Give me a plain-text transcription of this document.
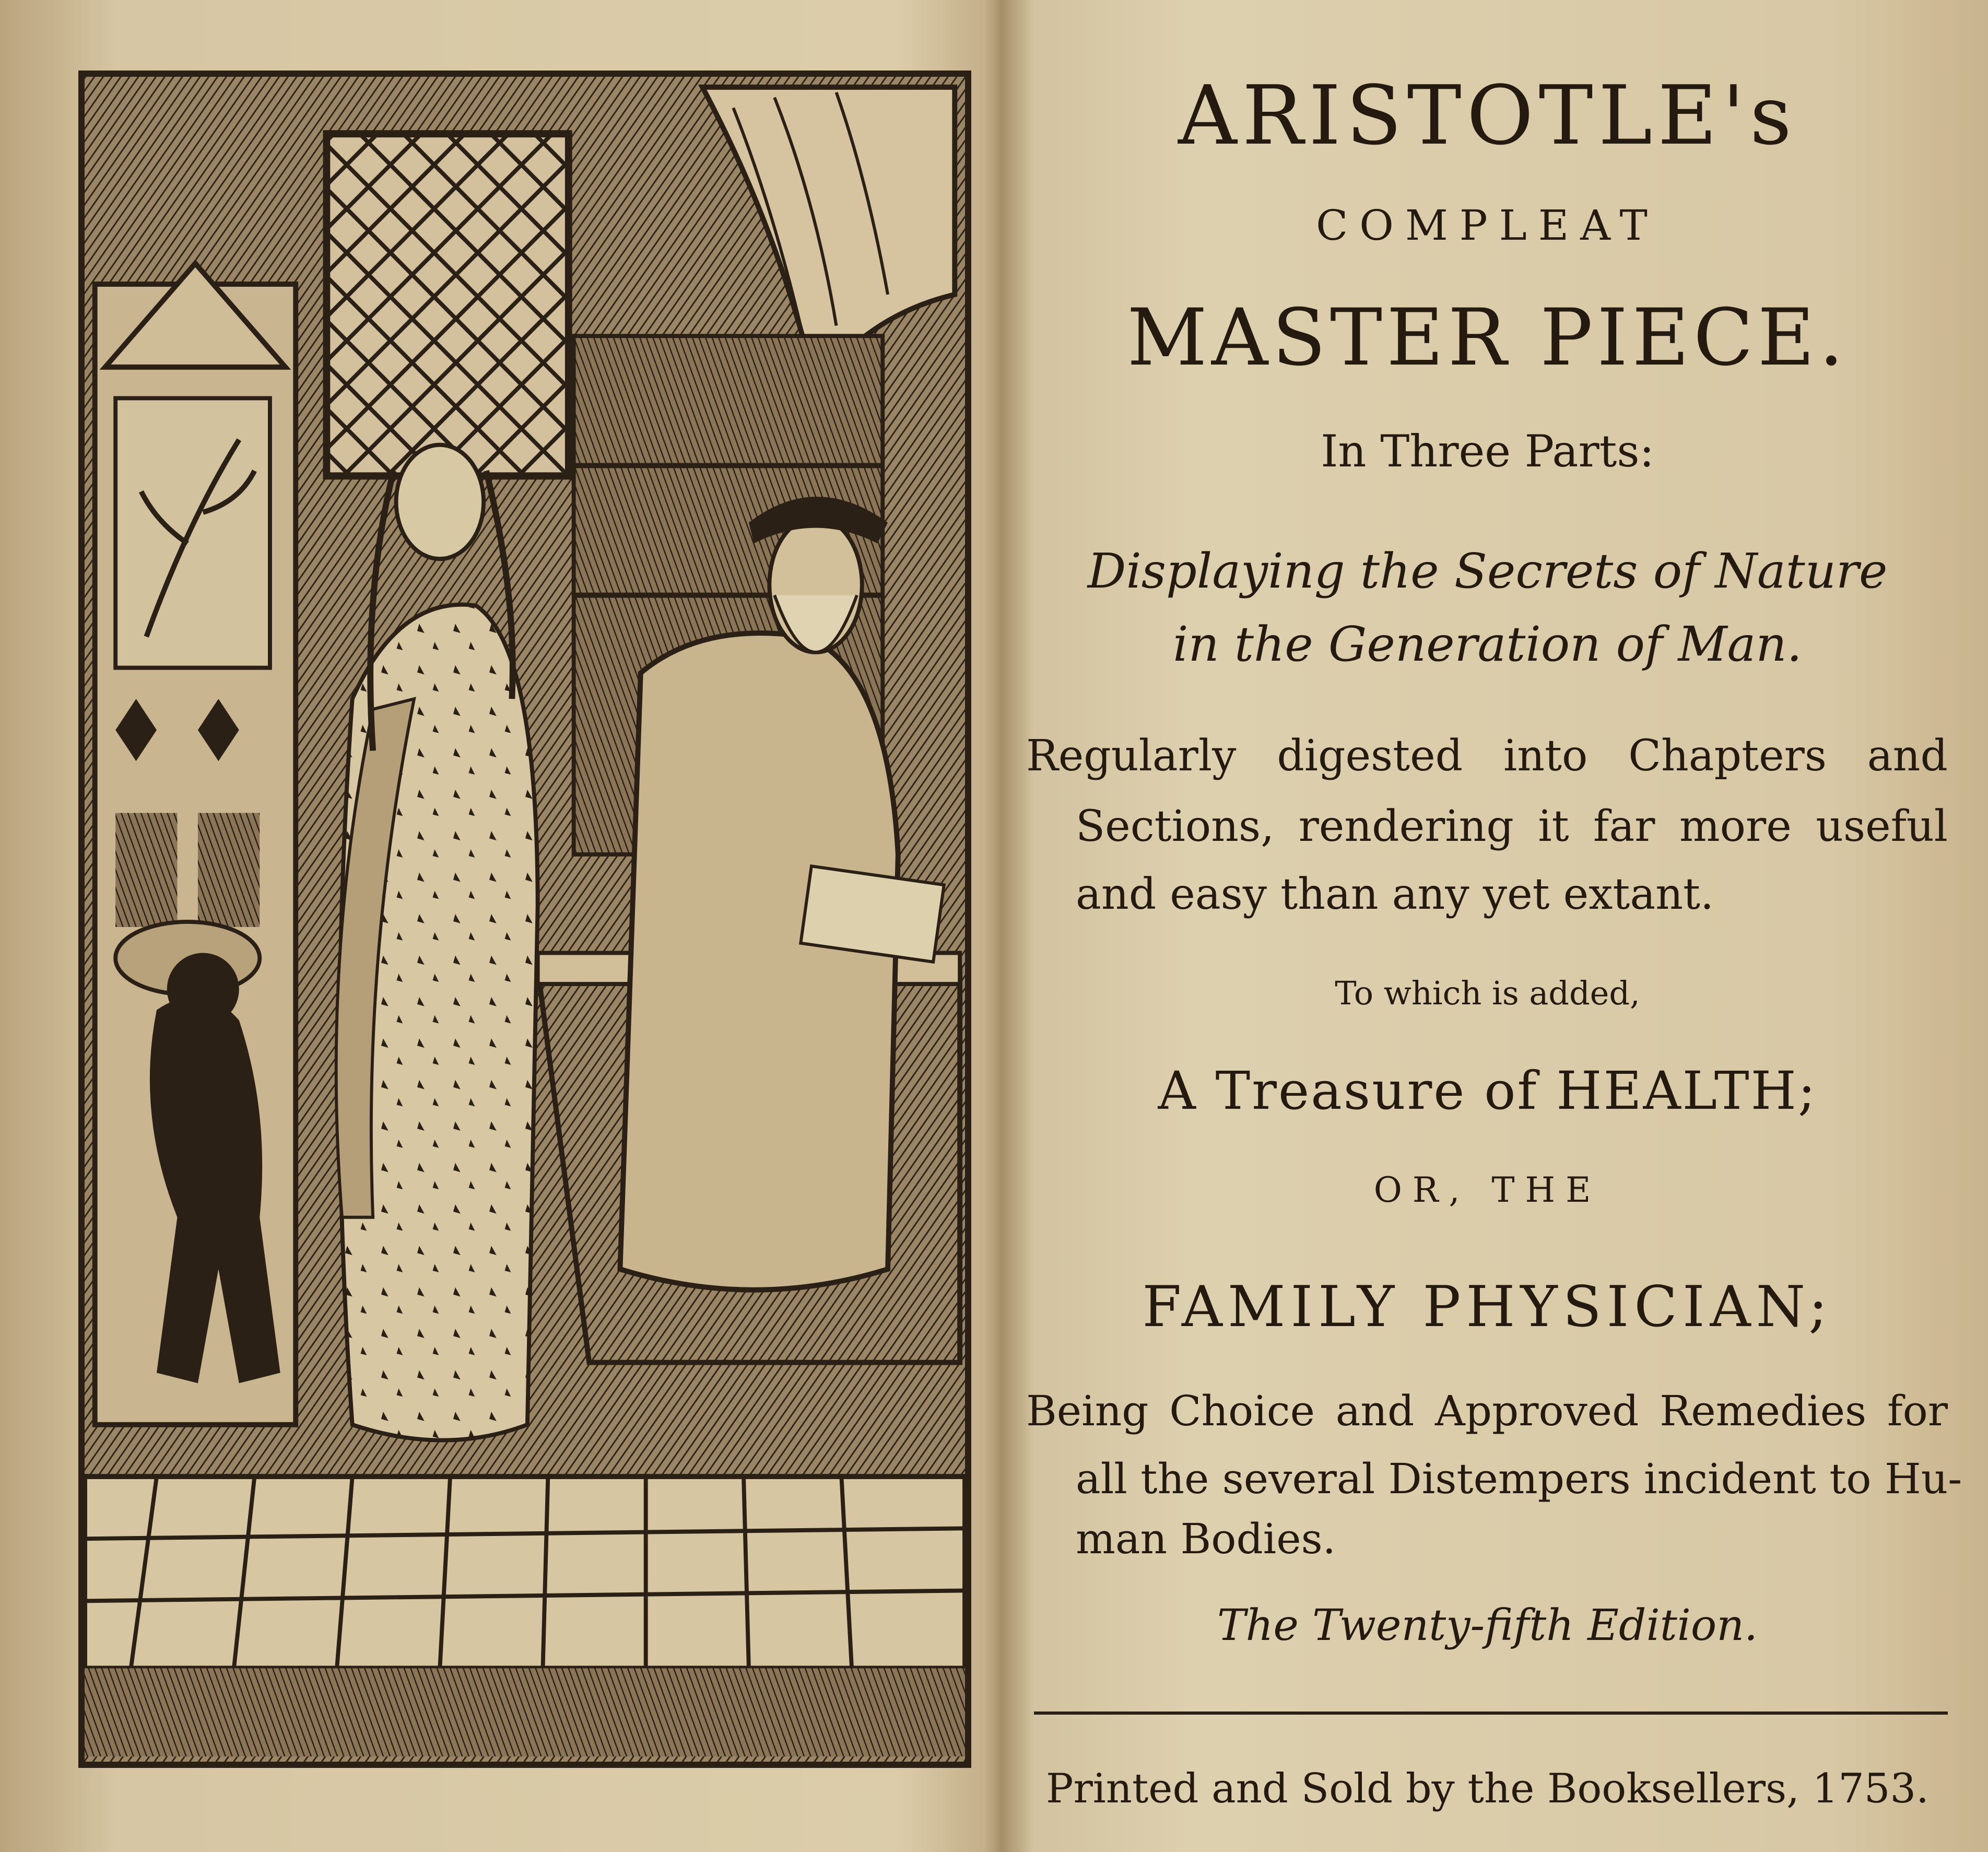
ARISTOTLE's
COMPLEAT
MASTER PIECE.
In Three Parts:
Displaying the Secrets of Nature
in the Generation of Man.
Regularly digested into Chapters and
Sections, rendering it far more useful
and easy than any yet extant.
To which is added,
A Treasure of HEALTH;
OR, THE
FAMILY PHYSICIAN;
Being Choice and Approved Remedies for
all the several Distempers incident to Hu-
man Bodies.
The Twenty-fifth Edition.
Printed and Sold by the Booksellers, 1753.
